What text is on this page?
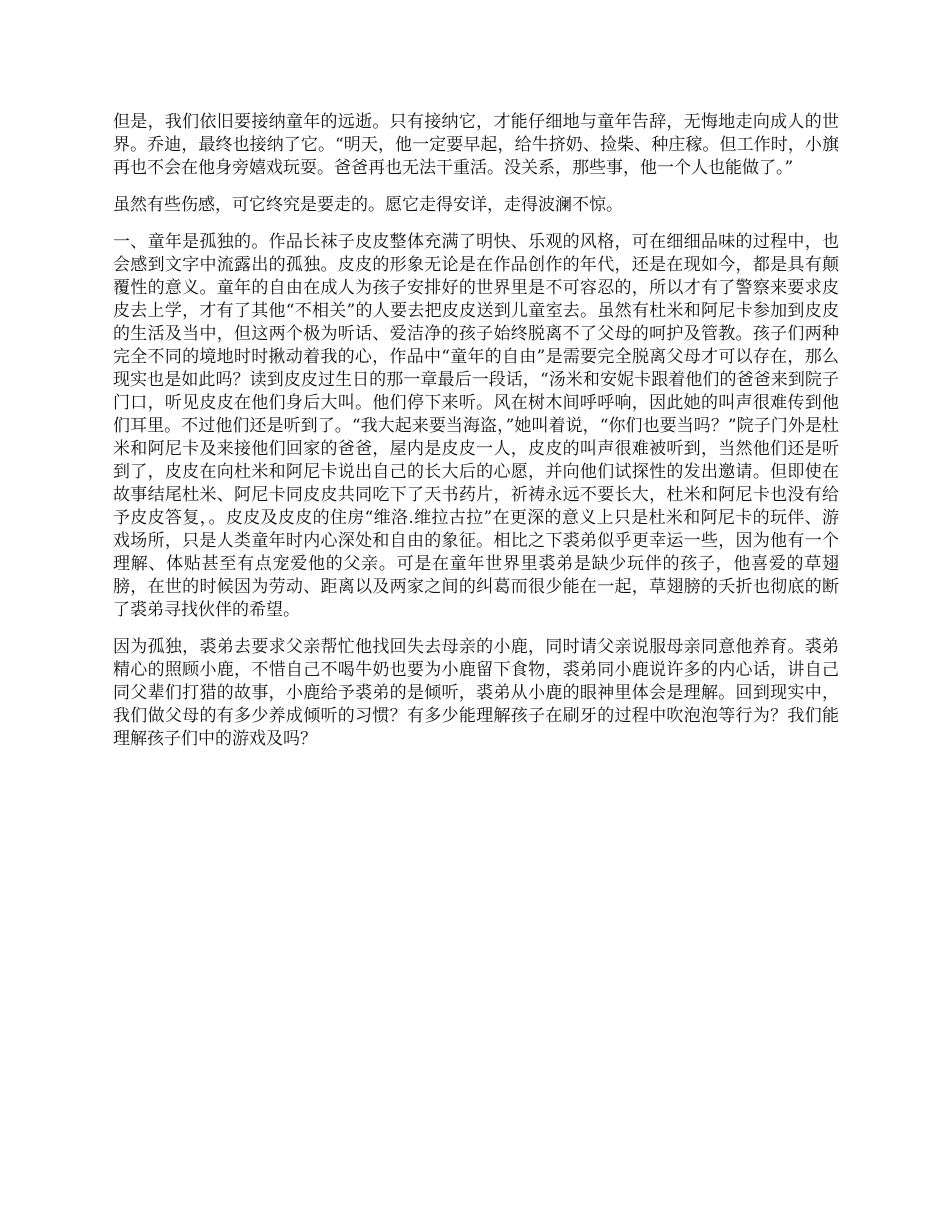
但是，我们依旧要接纳童年的远逝。只有接纳它，才能仔细地与童年告辞，无悔地走向成人的世界。乔迪，最终也接纳了它。“明天，他一定要早起，给牛挤奶、捡柴、种庄稼。但工作时，小旗再也不会在他身旁嬉戏玩耍。爸爸再也无法干重活。没关系，那些事，他一个人也能做了。”

虽然有些伤感，可它终究是要走的。愿它走得安详，走得波澜不惊。

一、童年是孤独的。作品长袜子皮皮整体充满了明快、乐观的风格，可在细细品味的过程中，也会感到文字中流露出的孤独。皮皮的形象无论是在作品创作的年代，还是在现如今，都是具有颠覆性的意义。童年的自由在成人为孩子安排好的世界里是不可容忍的，所以才有了警察来要求皮皮去上学，才有了其他“不相关”的人要去把皮皮送到儿童室去。虽然有杜米和阿尼卡参加到皮皮的生活及当中，但这两个极为听话、爱洁净的孩子始终脱离不了父母的呵护及管教。孩子们两种完全不同的境地时时揪动着我的心，作品中“童年的自由”是需要完全脱离父母才可以存在，那么现实也是如此吗？读到皮皮过生日的那一章最后一段话，“汤米和安妮卡跟着他们的爸爸来到院子门口，听见皮皮在他们身后大叫。他们停下来听。风在树木间呼呼响，因此她的叫声很难传到他们耳里。不过他们还是听到了。“我大起来要当海盗，”她叫着说，“你们也要当吗？”院子门外是杜米和阿尼卡及来接他们回家的爸爸，屋内是皮皮一人，皮皮的叫声很难被听到，当然他们还是听到了，皮皮在向杜米和阿尼卡说出自己的长大后的心愿，并向他们试探性的发出邀请。但即使在故事结尾杜米、阿尼卡同皮皮共同吃下了天书药片，祈祷永远不要长大，杜米和阿尼卡也没有给予皮皮答复，。皮皮及皮皮的住房“维洛.维拉古拉”在更深的意义上只是杜米和阿尼卡的玩伴、游戏场所，只是人类童年时内心深处和自由的象征。相比之下裘弟似乎更幸运一些，因为他有一个理解、体贴甚至有点宠爱他的父亲。可是在童年世界里裘弟是缺少玩伴的孩子，他喜爱的草翅膀，在世的时候因为劳动、距离以及两家之间的纠葛而很少能在一起，草翅膀的夭折也彻底的断了裘弟寻找伙伴的希望。

因为孤独，裘弟去要求父亲帮忙他找回失去母亲的小鹿，同时请父亲说服母亲同意他养育。裘弟精心的照顾小鹿，不惜自己不喝牛奶也要为小鹿留下食物，裘弟同小鹿说许多的内心话，讲自己同父辈们打猎的故事，小鹿给予裘弟的是倾听，裘弟从小鹿的眼神里体会是理解。回到现实中，我们做父母的有多少养成倾听的习惯？有多少能理解孩子在刷牙的过程中吹泡泡等行为？我们能理解孩子们中的游戏及吗？
